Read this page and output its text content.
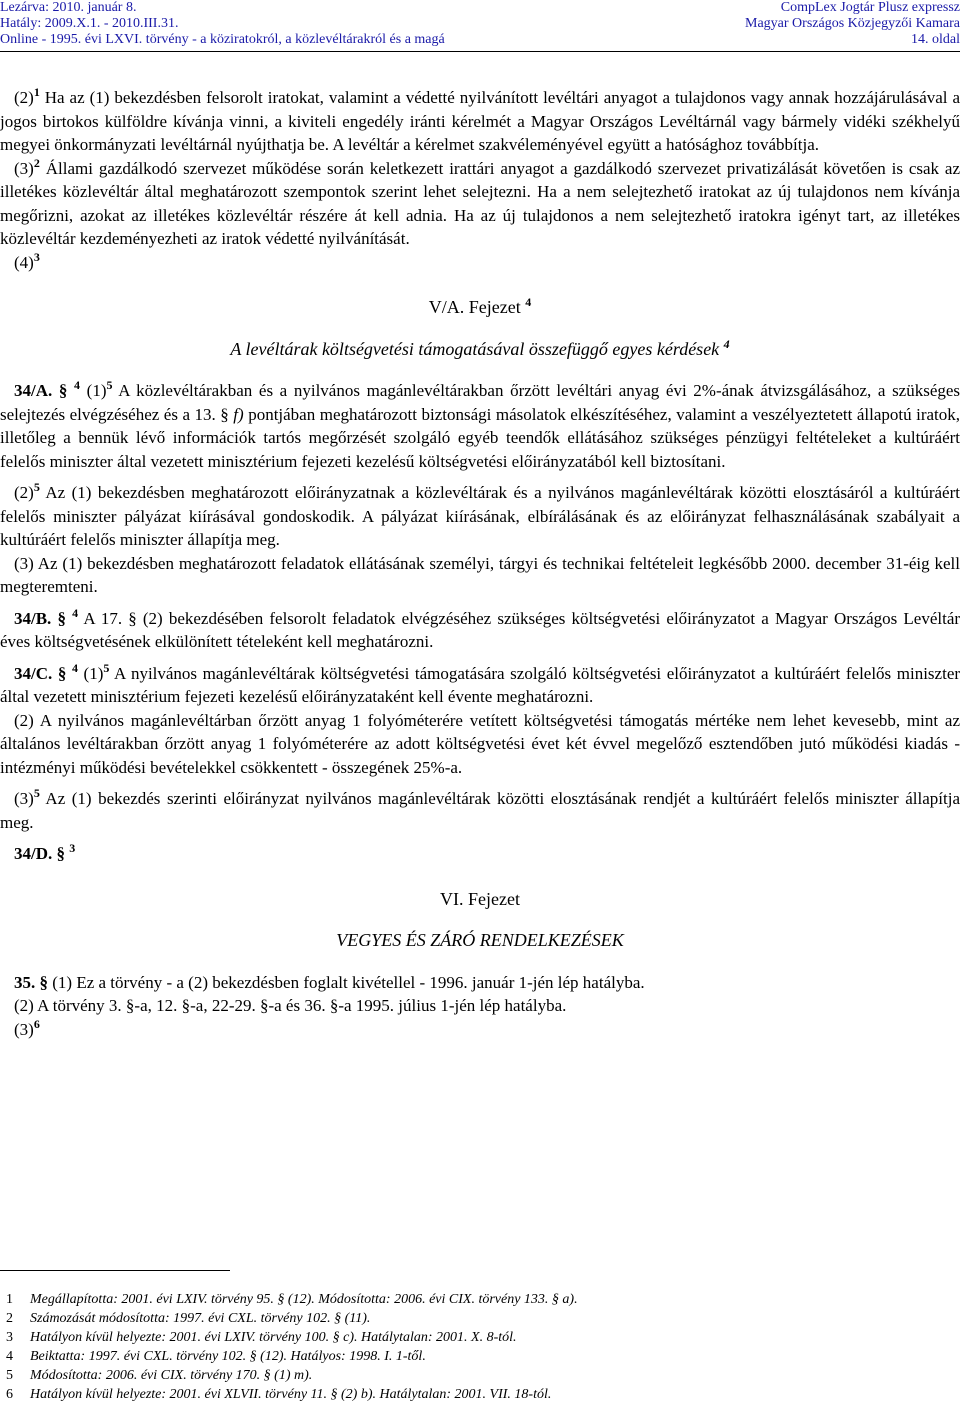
Lezárva: 2010. január 8.
Hatály: 2009.X.1. - 2010.III.31.
Online - 1995. évi LXVI. törvény - a köziratokról, a közlevéltárakról és a magá
CompLex Jogtár Plusz expressz
Magyar Országos Közjegyzői Kamara
14. oldal

$(2)^1$ Ha az (1) bekezdésben felsorolt iratokat, valamint a védetté nyilvánított levéltári anyagot a tulajdonos vagy annak hozzájárulásával a jogos birtokos külföldre kívánja vinni, a kiviteli engedély iránti kérelmét a Magyar Országos Levéltárnál vagy bármely vidéki székhelyű megyei önkormányzati levéltárnál nyújthatja be. A levéltár a kérelmet szakvéleményével együtt a hatósághoz továbbítja.

$(3)^2$ Állami gazdálkodó szervezet működése során keletkezett irattári anyagot a gazdálkodó szervezet privatizálását követően is csak az illetékes közlevéltár által meghatározott szempontok szerint lehet selejtezni. Ha a nem selejtezhető iratokat az új tulajdonos nem kívánja megőrizni, azokat az illetékes közlevéltár részére át kell adnia. Ha az új tulajdonos a nem selejtezhető iratokra igényt tart, az illetékes közlevéltár kezdeményezheti az iratok védetté nyilvánítását.

$(4)^3$

V/A. Fejezet $^4$

A levéltárak költségvetési támogatásával összefüggő egyes kérdések $^4$

34/A. § $^4$ $(1)^5$ A közlevéltárakban és a nyilvános magánlevéltárakban őrzött levéltári anyag évi 2%-ának átvizsgálásához, a szükséges selejtezés elvégzéséhez és a 13. § f) pontjában meghatározott biztonsági másolatok elkészítéséhez, valamint a veszélyeztetett állapotú iratok, illetőleg a bennük lévő információk tartós megőrzését szolgáló egyéb teendők ellátásához szükséges pénzügyi feltételeket a kultúráért felelős miniszter által vezetett minisztérium fejezeti kezelésű költségvetési előirányzatából kell biztosítani.

$(2)^5$ Az (1) bekezdésben meghatározott előirányzatnak a közlevéltárak és a nyilvános magánlevéltárak közötti elosztásáról a kultúráért felelős miniszter pályázat kiírásával gondoskodik. A pályázat kiírásának, elbírálásának és az előirányzat felhasználásának szabályait a kultúráért felelős miniszter állapítja meg.

(3) Az (1) bekezdésben meghatározott feladatok ellátásának személyi, tárgyi és technikai feltételeit legkésőbb 2000. december 31-éig kell megteremteni.

34/B. § $^4$ A 17. § (2) bekezdésében felsorolt feladatok elvégzéséhez szükséges költségvetési előirányzatot a Magyar Országos Levéltár éves költségvetésének elkülönített tételeként kell meghatározni.

34/C. § $^4$ $(1)^5$ A nyilvános magánlevéltárak költségvetési támogatására szolgáló költségvetési előirányzatot a kultúráért felelős miniszter által vezetett minisztérium fejezeti kezelésű előirányzataként kell évente meghatározni.

(2) A nyilvános magánlevéltárban őrzött anyag 1 folyóméterére vetített költségvetési támogatás mértéke nem lehet kevesebb, mint az általános levéltárakban őrzött anyag 1 folyóméterére az adott költségvetési évet két évvel megelőző esztendőben jutó működési kiadás - intézményi működési bevételekkel csökkentett - összegének 25%-a.

$(3)^5$ Az (1) bekezdés szerinti előirányzat nyilvános magánlevéltárak közötti elosztásának rendjét a kultúráért felelős miniszter állapítja meg.

34/D. § $^3$

VI. Fejezet

VEGYES ÉS ZÁRÓ RENDELKEZÉSEK

35. § (1) Ez a törvény - a (2) bekezdésben foglalt kivétellel - 1996. január 1-jén lép hatályba.

(2) A törvény 3. §-a, 12. §-a, 22-29. §-a és 36. §-a 1995. július 1-jén lép hatályba.

$(3)^6$

1 Megállapította: 2001. évi LXIV. törvény 95. § (12). Módosította: 2006. évi CIX. törvény 133. § a).
2 Számozását módosította: 1997. évi CXL. törvény 102. § (11).
3 Hatályon kívül helyezte: 2001. évi LXIV. törvény 100. § c). Hatálytalan: 2001. X. 8-tól.
4 Beiktatta: 1997. évi CXL. törvény 102. § (12). Hatályos: 1998. I. 1-től.
5 Módosította: 2006. évi CIX. törvény 170. § (1) m).
6 Hatályon kívül helyezte: 2001. évi XLVII. törvény 11. § (2) b). Hatálytalan: 2001. VII. 18-tól.
